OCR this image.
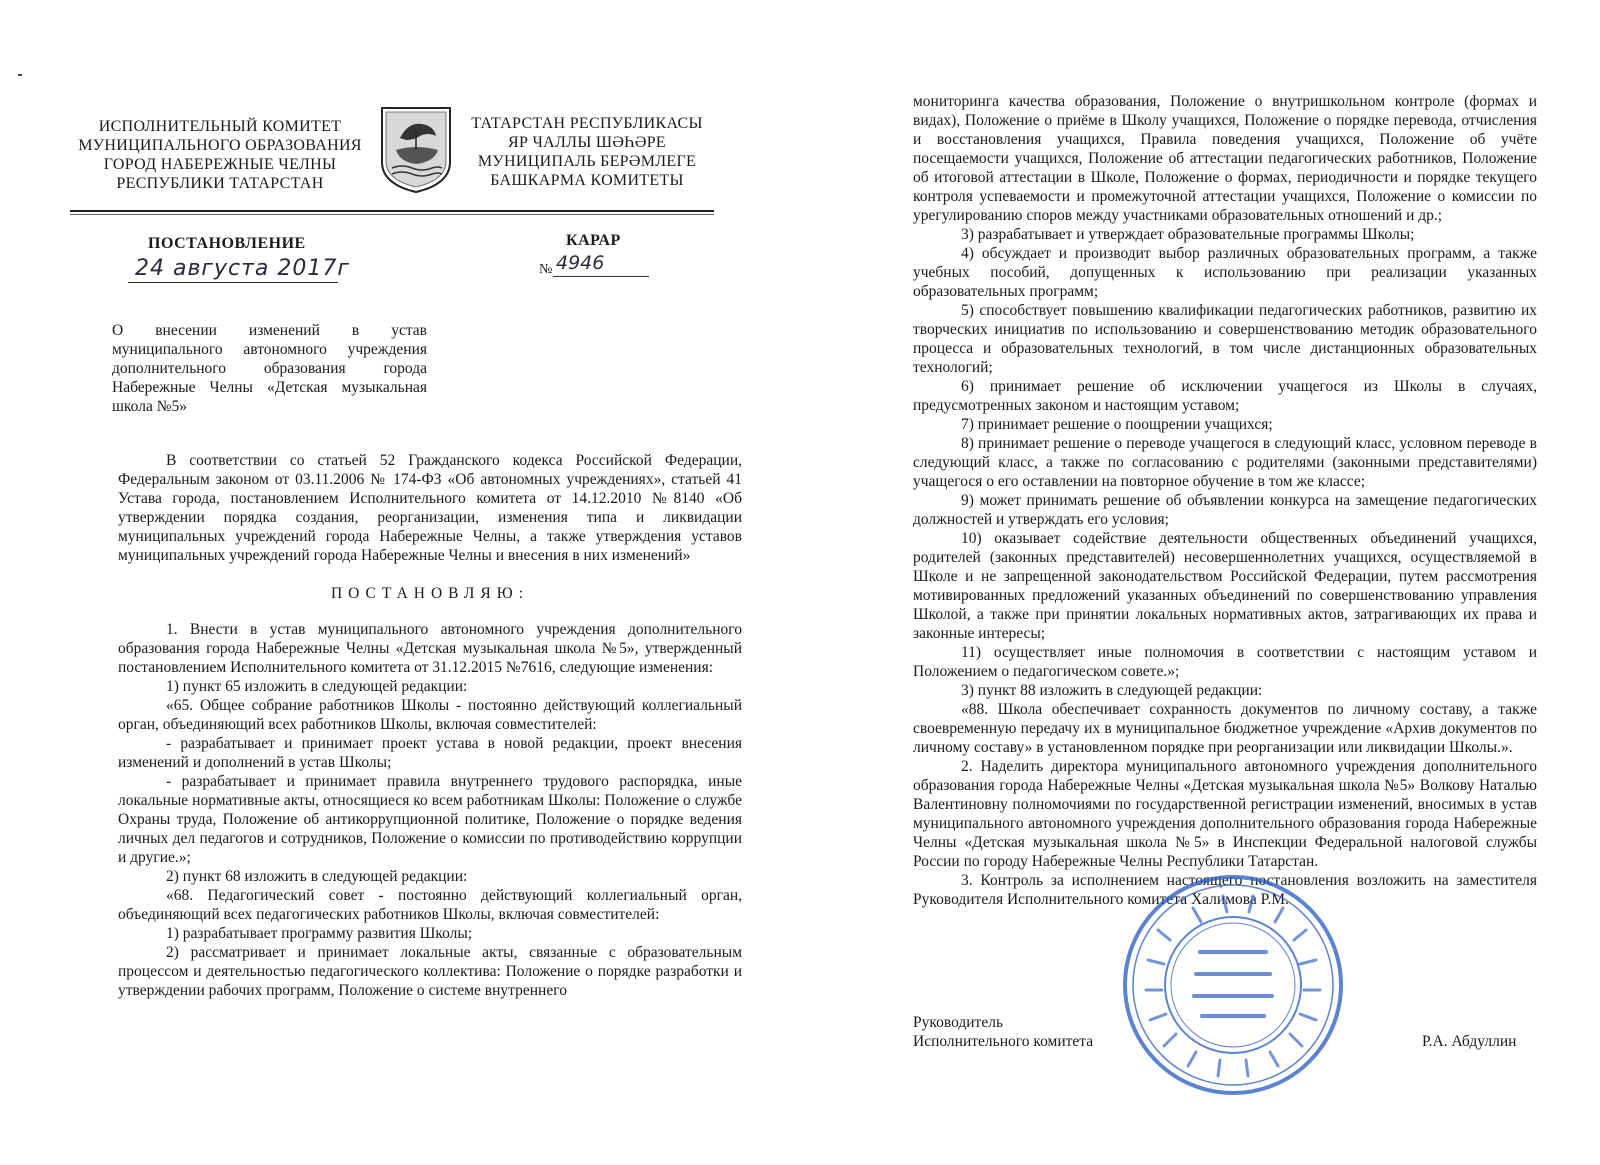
ИСПОЛНИТЕЛЬНЫЙ КОМИТЕТ
МУНИЦИПАЛЬНОГО ОБРАЗОВАНИЯ
ГОРОД НАБЕРЕЖНЫЕ ЧЕЛНЫ
РЕСПУБЛИКИ ТАТАРСТАН
ТАТАРСТАН РЕСПУБЛИКАСЫ
ЯР ЧАЛЛЫ ШӘҺӘРЕ
МУНИЦИПАЛЬ БЕРӘМЛЕГЕ
БАШКАРМА КОМИТЕТЫ
ПОСТАНОВЛЕНИЕ	КАРАР
24 августа 2017г	№ 4946
О внесении изменений в устав муниципального автономного учреждения дополнительного образования города Набережные Челны «Детская музыкальная школа №5»

В соответствии со статьей 52 Гражданского кодекса Российской Федерации, Федеральным законом от 03.11.2006 № 174-ФЗ «Об автономных учреждениях», статьей 41 Устава города, постановлением Исполнительного комитета от 14.12.2010 №8140 «Об утверждении порядка создания, реорганизации, изменения типа и ликвидации муниципальных учреждений города Набережные Челны, а также утверждения уставов муниципальных учреждений города Набережные Челны и внесения в них изменений»

ПОСТАНОВЛЯЮ:

1. Внести в устав муниципального автономного учреждения дополнительного образования города Набережные Челны «Детская музыкальная школа №5», утвержденный постановлением Исполнительного комитета от 31.12.2015 №7616, следующие изменения:

1) пункт 65 изложить в следующей редакции:

«65. Общее собрание работников Школы - постоянно действующий коллегиальный орган, объединяющий всех работников Школы, включая совместителей:

- разрабатывает и принимает проект устава в новой редакции, проект внесения изменений и дополнений в устав Школы;

- разрабатывает и принимает правила внутреннего трудового распорядка, иные локальные нормативные акты, относящиеся ко всем работникам Школы: Положение о службе Охраны труда, Положение об антикоррупционной политике, Положение о порядке ведения личных дел педагогов и сотрудников, Положение о комиссии по противодействию коррупции и другие.»;

2) пункт 68 изложить в следующей редакции:

«68. Педагогический совет - постоянно действующий коллегиальный орган, объединяющий всех педагогических работников Школы, включая совместителей:

1) разрабатывает программу развития Школы;

2) рассматривает и принимает локальные акты, связанные с образовательным процессом и деятельностью педагогического коллектива: Положение о порядке разработки и утверждении рабочих программ, Положение о системе внутреннего

мониторинга качества образования, Положение о внутришкольном контроле (формах и видах), Положение о приёме в Школу учащихся, Положение о порядке перевода, отчисления и восстановления учащихся, Правила поведения учащихся, Положение об учёте посещаемости учащихся, Положение об аттестации педагогических работников, Положение об итоговой аттестации в Школе, Положение о формах, периодичности и порядке текущего контроля успеваемости и промежуточной аттестации учащихся, Положение о комиссии по урегулированию споров между участниками образовательных отношений и др.;

3) разрабатывает и утверждает образовательные программы Школы;

4) обсуждает и производит выбор различных образовательных программ, а также учебных пособий, допущенных к использованию при реализации указанных образовательных программ;

5) способствует повышению квалификации педагогических работников, развитию их творческих инициатив по использованию и совершенствованию методик образовательного процесса и образовательных технологий, в том числе дистанционных образовательных технологий;

6) принимает решение об исключении учащегося из Школы в случаях, предусмотренных законом и настоящим уставом;

7) принимает решение о поощрении учащихся;

8) принимает решение о переводе учащегося в следующий класс, условном переводе в следующий класс, а также по согласованию с родителями (законными представителями) учащегося о его оставлении на повторное обучение в том же классе;

9) может принимать решение об объявлении конкурса на замещение педагогических должностей и утверждать его условия;

10) оказывает содействие деятельности общественных объединений учащихся, родителей (законных представителей) несовершеннолетних учащихся, осуществляемой в Школе и не запрещенной законодательством Российской Федерации, путем рассмотрения мотивированных предложений указанных объединений по совершенствованию управления Школой, а также при принятии локальных нормативных актов, затрагивающих их права и законные интересы;

11) осуществляет иные полномочия в соответствии с настоящим уставом и Положением о педагогическом совете.»;

3) пункт 88 изложить в следующей редакции:

«88. Школа обеспечивает сохранность документов по личному составу, а также своевременную передачу их в муниципальное бюджетное учреждение «Архив документов по личному составу» в установленном порядке при реорганизации или ликвидации Школы.».

2. Наделить директора муниципального автономного учреждения дополнительного образования города Набережные Челны «Детская музыкальная школа №5» Волкову Наталью Валентиновну полномочиями по государственной регистрации изменений, вносимых в устав муниципального автономного учреждения дополнительного образования города Набережные Челны «Детская музыкальная школа №5» в Инспекции Федеральной налоговой службы России по городу Набережные Челны Республики Татарстан.

3. Контроль за исполнением настоящего постановления возложить на заместителя Руководителя Исполнительного комитета Халимова Р.М.

Руководитель
Исполнительного комитета	Р.А. Абдуллин
